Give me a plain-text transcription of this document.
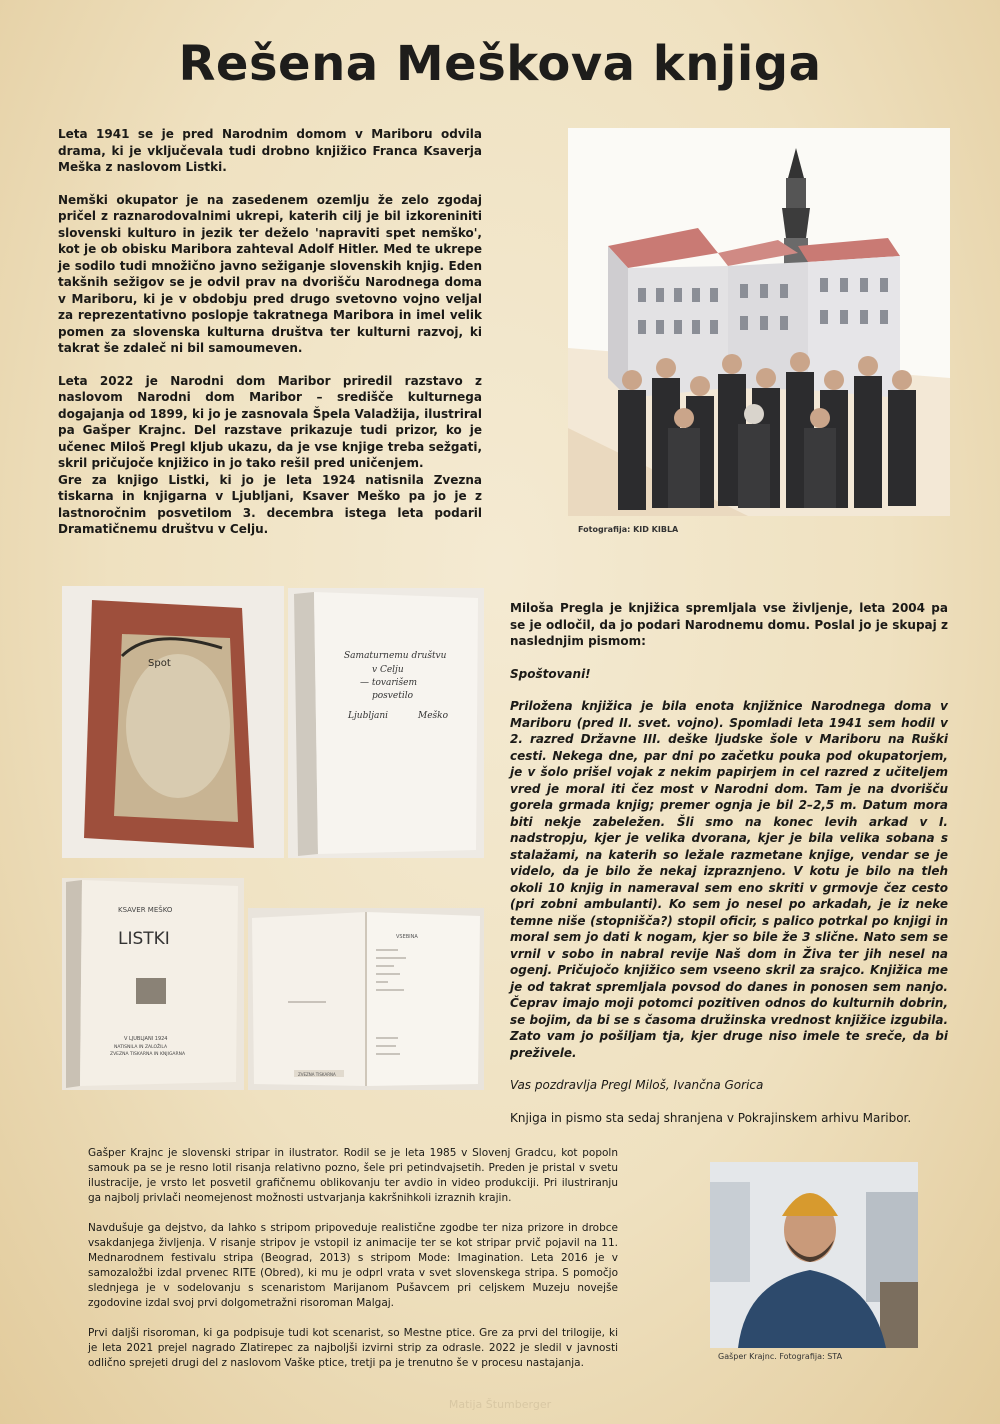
Rešena Meškova knjiga

Leta 1941 se je pred Narodnim domom v Mariboru odvila drama, ki je vključevala tudi drobno knjižico Franca Ksaverja Meška z naslovom Listki.

Nemški okupator je na zasedenem ozemlju že zelo zgodaj pričel z raznarodovalnimi ukrepi, katerih cilj je bil izkoreniniti slovenski kulturo in jezik ter deželo 'napraviti spet nemško', kot je ob obisku Maribora zahteval Adolf Hitler. Med te ukrepe je sodilo tudi množično javno sežiganje slovenskih knjig. Eden takšnih sežigov se je odvil prav na dvorišču Narodnega doma v Mariboru, ki je v obdobju pred drugo svetovno vojno veljal za reprezentativno poslopje takratnega Maribora in imel velik pomen za slovenska kulturna društva ter kulturni razvoj, ki takrat še zdaleč ni bil samoumeven.

Leta 2022 je Narodni dom Maribor priredil razstavo z naslovom Narodni dom Maribor – središče kulturnega dogajanja od 1899, ki jo je zasnovala Špela Valadžija, ilustriral pa Gašper Krajnc. Del razstave prikazuje tudi prizor, ko je učenec Miloš Pregl kljub ukazu, da je vse knjige treba sežgati, skril pričujoče knjižico in jo tako rešil pred uničenjem.

Gre za knjigo Listki, ki jo je leta 1924 natisnila Zvezna tiskarna in knjigarna v Ljubljani, Ksaver Meško pa jo je z lastnoročnim posvetilom 3. decembra istega leta podaril Dramatičnemu društvu v Celju.	Fotografija: KID KIBLA
Spot
Samaturnemu društvu
v Celju
— tovarišem
posvetilo
Ljubljani	Meško
KSAVER MEŠKO
LISTKI
V LJUBLJANI 1924
NATISNILA IN ZALOŽILA
ZVEZNA TISKARNA IN KNJIGARNA
VSEBINA
ZVEZNA TISKARNA

Miloša Pregla je knjižica spremljala vse življenje, leta 2004 pa se je odločil, da jo podari Narodnemu domu. Poslal jo je skupaj z naslednjim pismom:

Spoštovani!

Priložena knjižica je bila enota knjižnice Narodnega doma v Mariboru (pred II. svet. vojno). Spomladi leta 1941 sem hodil v 2. razred Državne III. deške ljudske šole v Mariboru na Ruški cesti. Nekega dne, par dni po začetku pouka pod okupatorjem, je v šolo prišel vojak z nekim papirjem in cel razred z učiteljem vred je moral iti čez most v Narodni dom. Tam je na dvorišču gorela grmada knjig; premer ognja je bil 2–2,5 m. Datum mora biti nekje zabeležen. Šli smo na konec levih arkad v I. nadstropju, kjer je velika dvorana, kjer je bila velika sobana s stalažami, na katerih so ležale razmetane knjige, vendar se je videlo, da je bilo že nekaj izpraznjeno. V kotu je bilo na tleh okoli 10 knjig in nameraval sem eno skriti v grmovje čez cesto (pri zobni ambulanti). Ko sem jo nesel po arkadah, je iz neke temne niše (stopnišča?) stopil oficir, s palico potrkal po knjigi in moral sem jo dati k nogam, kjer so bile že 3 slične. Nato sem se vrnil v sobo in nabral revije Naš dom in Živa ter jih nesel na ogenj. Pričujočo knjižico sem vseeno skril za srajco. Knjižica me je od takrat spremljala povsod do danes in ponosen sem nanjo. Čeprav imajo moji potomci pozitiven odnos do kulturnih dobrin, se bojim, da bi se s časoma družinska vrednost knjižice izgubila. Zato vam jo pošiljam tja, kjer druge niso imele te sreče, da bi preživele.

Vas pozdravlja Pregl Miloš, Ivančna Gorica

Knjiga in pismo sta sedaj shranjena v Pokrajinskem arhivu Maribor.

Gašper Krajnc je slovenski stripar in ilustrator. Rodil se je leta 1985 v Slovenj Gradcu, kot popoln samouk pa se je resno lotil risanja relativno pozno, šele pri petindvajsetih. Preden je pristal v svetu ilustracije, je vrsto let posvetil grafičnemu oblikovanju ter avdio in video produkciji. Pri ilustriranju ga najbolj privlači neomejenost možnosti ustvarjanja kakršnihkoli izraznih krajin.

Navdušuje ga dejstvo, da lahko s stripom pripoveduje realistične zgodbe ter niza prizore in drobce vsakdanjega življenja. V risanje stripov je vstopil iz animacije ter se kot stripar prvič pojavil na 11. Mednarodnem festivalu stripa (Beograd, 2013) s stripom Mode: Imagination. Leta 2016 je v samozaložbi izdal prvenec RITE (Obred), ki mu je odprl vrata v svet slovenskega stripa. S pomočjo slednjega je v sodelovanju s scenaristom Marijanom Pušavcem pri celjskem Muzeju novejše zgodovine izdal svoj prvi dolgometražni risoroman Malgaj.

Prvi daljši risoroman, ki ga podpisuje tudi kot scenarist, so Mestne ptice. Gre za prvi del trilogije, ki je leta 2021 prejel nagrado Zlatirepec za najboljši izvirni strip za odrasle. 2022 je sledil v javnosti odlično sprejeti drugi del z naslovom Vaške ptice, tretji pa je trenutno še v procesu nastajanja.

Gašper Krajnc. Fotografija: STA
Matija Štumberger
